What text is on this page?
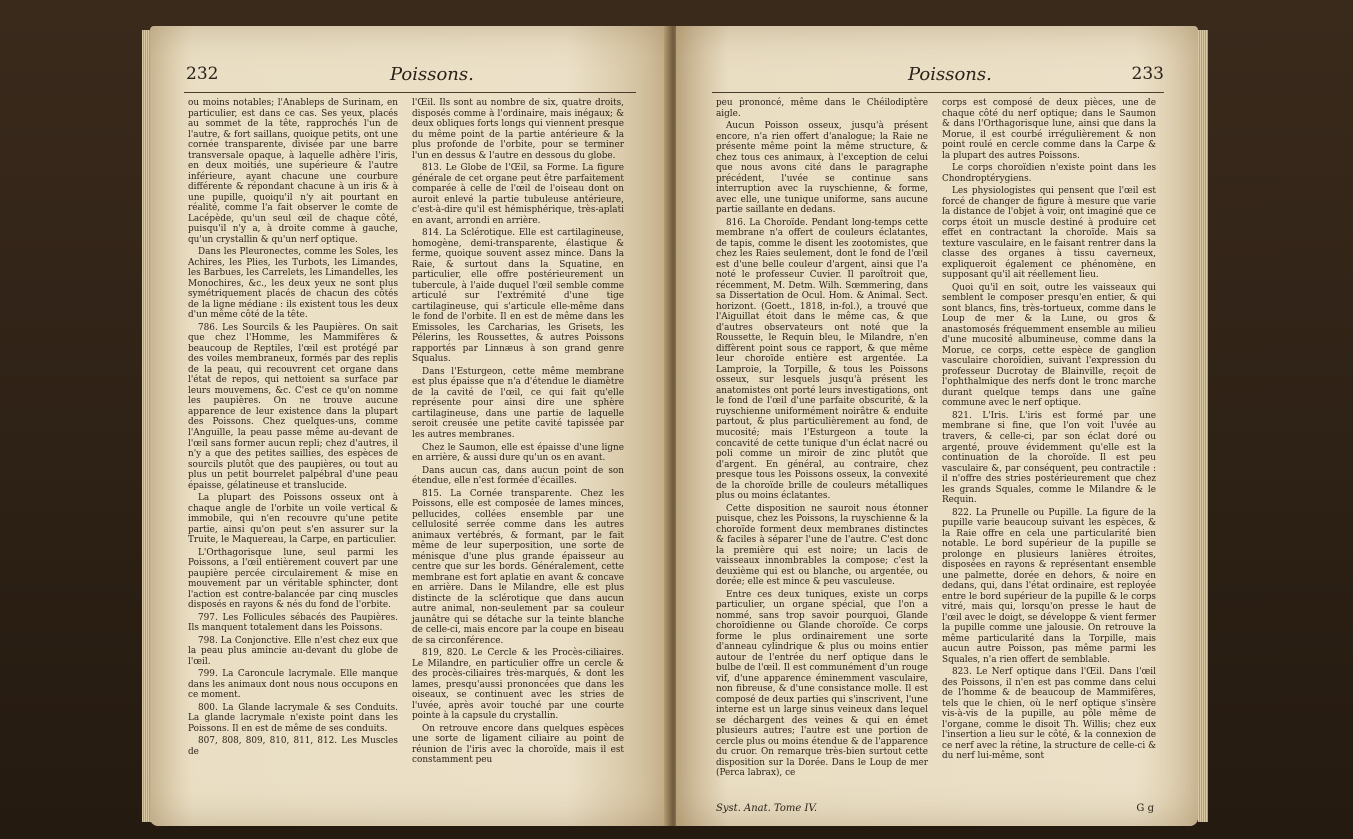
232	Poissons.

ou moins notables; l'Anableps de Surinam, en particulier, est dans ce cas. Ses yeux, placés au sommet de la tête, rapprochés l'un de l'autre, & fort saillans, quoique petits, ont une cornée transparente, divisée par une barre transversale opaque, à laquelle adhère l'iris, en deux moitiés, une supérieure & l'autre inférieure, ayant chacune une courbure différente & répondant chacune à un iris & à une pupille, quoiqu'il n'y ait pourtant en réalité, comme l'a fait observer le comte de Lacépède, qu'un seul œil de chaque côté, puisqu'il n'y a, à droite comme à gauche, qu'un crystallin & qu'un nerf optique.

Dans les Pleuronectes, comme les Soles, les Achires, les Plies, les Turbots, les Limandes, les Barbues, les Carrelets, les Limandelles, les Monochires, &c., les deux yeux ne sont plus symétriquement placés de chacun des côtés de la ligne médiane : ils existent tous les deux d'un même côté de la tête.

786. Les Sourcils & les Paupières. On sait que chez l'Homme, les Mammifères & beaucoup de Reptiles, l'œil est protégé par des voiles membraneux, formés par des replis de la peau, qui recouvrent cet organe dans l'état de repos, qui nettoient sa surface par leurs mouvemens, &c. C'est ce qu'on nomme les paupières. On ne trouve aucune apparence de leur existence dans la plupart des Poissons. Chez quelques-uns, comme l'Anguille, la peau passe même au-devant de l'œil sans former aucun repli; chez d'autres, il n'y a que des petites saillies, des espèces de sourcils plutôt que des paupières, ou tout au plus un petit bourrelet palpébral d'une peau épaisse, gélatineuse et translucide.

La plupart des Poissons osseux ont à chaque angle de l'orbite un voile vertical & immobile, qui n'en recouvre qu'une petite partie, ainsi qu'on peut s'en assurer sur la Truite, le Maquereau, la Carpe, en particulier.

L'Orthagorisque lune, seul parmi les Poissons, a l'œil entièrement couvert par une paupière percée circulairement & mise en mouvement par un véritable sphincter, dont l'action est contre-balancée par cinq muscles disposés en rayons & nés du fond de l'orbite.

797. Les Follicules sébacés des Paupières. Ils manquent totalement dans les Poissons.

798. La Conjonctive. Elle n'est chez eux que la peau plus amincie au-devant du globe de l'œil.

799. La Caroncule lacrymale. Elle manque dans les animaux dont nous nous occupons en ce moment.

800. La Glande lacrymale & ses Conduits. La glande lacrymale n'existe point dans les Poissons. Il en est de même de ses conduits.

807, 808, 809, 810, 811, 812. Les Muscles de

l'Œil. Ils sont au nombre de six, quatre droits, disposés comme à l'ordinaire, mais inégaux; & deux obliques forts longs qui viennent presque du même point de la partie antérieure & la plus profonde de l'orbite, pour se terminer l'un en dessus & l'autre en dessous du globe.

813. Le Globe de l'Œil, sa Forme. La figure générale de cet organe peut être parfaitement comparée à celle de l'œil de l'oiseau dont on auroit enlevé la partie tubuleuse antérieure, c'est-à-dire qu'il est hémisphérique, très-aplati en avant, arrondi en arrière.

814. La Sclérotique. Elle est cartilagineuse, homogène, demi-transparente, élastique & ferme, quoique souvent assez mince. Dans la Raie, & surtout dans la Squatine, en particulier, elle offre postérieurement un tubercule, à l'aide duquel l'œil semble comme articulé sur l'extrémité d'une tige cartilagineuse, qui s'articule elle-même dans le fond de l'orbite. Il en est de même dans les Emissoles, les Carcharias, les Grisets, les Pélerins, les Roussettes, & autres Poissons rapportés par Linnæus à son grand genre Squalus.

Dans l'Esturgeon, cette même membrane est plus épaisse que n'a d'étendue le diamètre de la cavité de l'œil, ce qui fait qu'elle représente pour ainsi dire une sphère cartilagineuse, dans une partie de laquelle seroit creusée une petite cavité tapissée par les autres membranes.

Chez le Saumon, elle est épaisse d'une ligne en arrière, & aussi dure qu'un os en avant.

Dans aucun cas, dans aucun point de son étendue, elle n'est formée d'écailles.

815. La Cornée transparente. Chez les Poissons, elle est composée de lames minces, pellucides, collées ensemble par une cellulosité serrée comme dans les autres animaux vertébrés, & formant, par le fait même de leur superposition, une sorte de ménisque d'une plus grande épaisseur au centre que sur les bords. Généralement, cette membrane est fort aplatie en avant & concave en arrière. Dans le Milandre, elle est plus distincte de la sclérotique que dans aucun autre animal, non-seulement par sa couleur jaunâtre qui se détache sur la teinte blanche de celle-ci, mais encore par la coupe en biseau de sa circonférence.

819, 820. Le Cercle & les Procès-ciliaires. Le Milandre, en particulier offre un cercle & des procès-ciliaires très-marqués, & dont les lames, presqu'aussi prononcées que dans les oiseaux, se continuent avec les stries de l'uvée, après avoir touché par une courte pointe à la capsule du crystallin.

On retrouve encore dans quelques espèces une sorte de ligament ciliaire au point de réunion de l'iris avec la choroïde, mais il est constamment peu

Poissons.	233

peu prononcé, même dans le Chéilodiptère aigle.

Aucun Poisson osseux, jusqu'à présent encore, n'a rien offert d'analogue; la Raie ne présente même point la même structure, & chez tous ces animaux, à l'exception de celui que nous avons cité dans le paragraphe précédent, l'uvée se continue sans interruption avec la ruyschienne, & forme, avec elle, une tunique uniforme, sans aucune partie saillante en dedans.

816. La Choroïde. Pendant long-temps cette membrane n'a offert de couleurs éclatantes, de tapis, comme le disent les zootomistes, que chez les Raies seulement, dont le fond de l'œil est d'une belle couleur d'argent, ainsi que l'a noté le professeur Cuvier. Il paroîtroit que, récemment, M. Detm. Wilh. Sœmmering, dans sa Dissertation de Ocul. Hom. & Animal. Sect. horizont. (Goett., 1818, in-fol.), a trouvé que l'Aiguillat étoit dans le même cas, & que d'autres observateurs ont noté que la Roussette, le Requin bleu, le Milandre, n'en diffèrent point sous ce rapport, & que même leur choroïde entière est argentée. La Lamproie, la Torpille, & tous les Poissons osseux, sur lesquels jusqu'à présent les anatomistes ont porté leurs investigations, ont le fond de l'œil d'une parfaite obscurité, & la ruyschienne uniformément noirâtre & enduite partout, & plus particulièrement au fond, de mucosité; mais l'Esturgeon a toute la concavité de cette tunique d'un éclat nacré ou poli comme un miroir de zinc plutôt que d'argent. En général, au contraire, chez presque tous les Poissons osseux, la convexité de la choroïde brille de couleurs métalliques plus ou moins éclatantes.

Cette disposition ne sauroit nous étonner puisque, chez les Poissons, la ruyschienne & la choroïde forment deux membranes distinctes & faciles à séparer l'une de l'autre. C'est donc la première qui est noire; un lacis de vaisseaux innombrables la compose; c'est la deuxième qui est ou blanche, ou argentée, ou dorée; elle est mince & peu vasculeuse.

Entre ces deux tuniques, existe un corps particulier, un organe spécial, que l'on a nommé, sans trop savoir pourquoi, Glande choroïdienne ou Glande choroïde. Ce corps forme le plus ordinairement une sorte d'anneau cylindrique & plus ou moins entier autour de l'entrée du nerf optique dans le bulbe de l'œil. Il est communément d'un rouge vif, d'une apparence éminemment vasculaire, non fibreuse, & d'une consistance molle. Il est composé de deux parties qui s'inscrivent, l'une interne est un large sinus veineux dans lequel se déchargent des veines & qui en émet plusieurs autres; l'autre est une portion de cercle plus ou moins étendue & de l'apparence du cruor. On remarque très-bien surtout cette disposition sur la Dorée. Dans le Loup de mer (Perca labrax), ce

corps est composé de deux pièces, une de chaque côté du nerf optique; dans le Saumon & dans l'Orthagorisque lune, ainsi que dans la Morue, il est courbé irrégulièrement & non point roulé en cercle comme dans la Carpe & la plupart des autres Poissons.

Le corps choroïdien n'existe point dans les Chondroptérygiens.

Les physiologistes qui pensent que l'œil est forcé de changer de figure à mesure que varie la distance de l'objet à voir, ont imaginé que ce corps étoit un muscle destiné à produire cet effet en contractant la choroïde. Mais sa texture vasculaire, en le faisant rentrer dans la classe des organes à tissu caverneux, expliqueroit également ce phénomène, en supposant qu'il ait réellement lieu.

Quoi qu'il en soit, outre les vaisseaux qui semblent le composer presqu'en entier, & qui sont blancs, fins, très-tortueux, comme dans le Loup de mer & la Lune, ou gros & anastomosés fréquemment ensemble au milieu d'une mucosité albumineuse, comme dans la Morue, ce corps, cette espèce de ganglion vasculaire choroïdien, suivant l'expression du professeur Ducrotay de Blainville, reçoit de l'ophthalmique des nerfs dont le tronc marche durant quelque temps dans une gaîne commune avec le nerf optique.

821. L'Iris. L'iris est formé par une membrane si fine, que l'on voit l'uvée au travers, & celle-ci, par son éclat doré ou argenté, prouve évidemment qu'elle est la continuation de la choroïde. Il est peu vasculaire &, par conséquent, peu contractile : il n'offre des stries postérieurement que chez les grands Squales, comme le Milandre & le Requin.

822. La Prunelle ou Pupille. La figure de la pupille varie beaucoup suivant les espèces, & la Raie offre en cela une particularité bien notable. Le bord supérieur de la pupille se prolonge en plusieurs lanières étroites, disposées en rayons & représentant ensemble une palmette, dorée en dehors, & noire en dedans, qui, dans l'état ordinaire, est reployée entre le bord supérieur de la pupille & le corps vitré, mais qui, lorsqu'on presse le haut de l'œil avec le doigt, se développe & vient fermer la pupille comme une jalousie. On retrouve la même particularité dans la Torpille, mais aucun autre Poisson, pas même parmi les Squales, n'a rien offert de semblable.

823. Le Nerf optique dans l'Œil. Dans l'œil des Poissons, il n'en est pas comme dans celui de l'homme & de beaucoup de Mammifères, tels que le chien, où le nerf optique s'insère vis-à-vis de la pupille, au pôle même de l'organe, comme le disoit Th. Willis; chez eux l'insertion a lieu sur le côté, & la connexion de ce nerf avec la rétine, la structure de celle-ci & du nerf lui-même, sont

Syst. Anat. Tome IV.	G g
